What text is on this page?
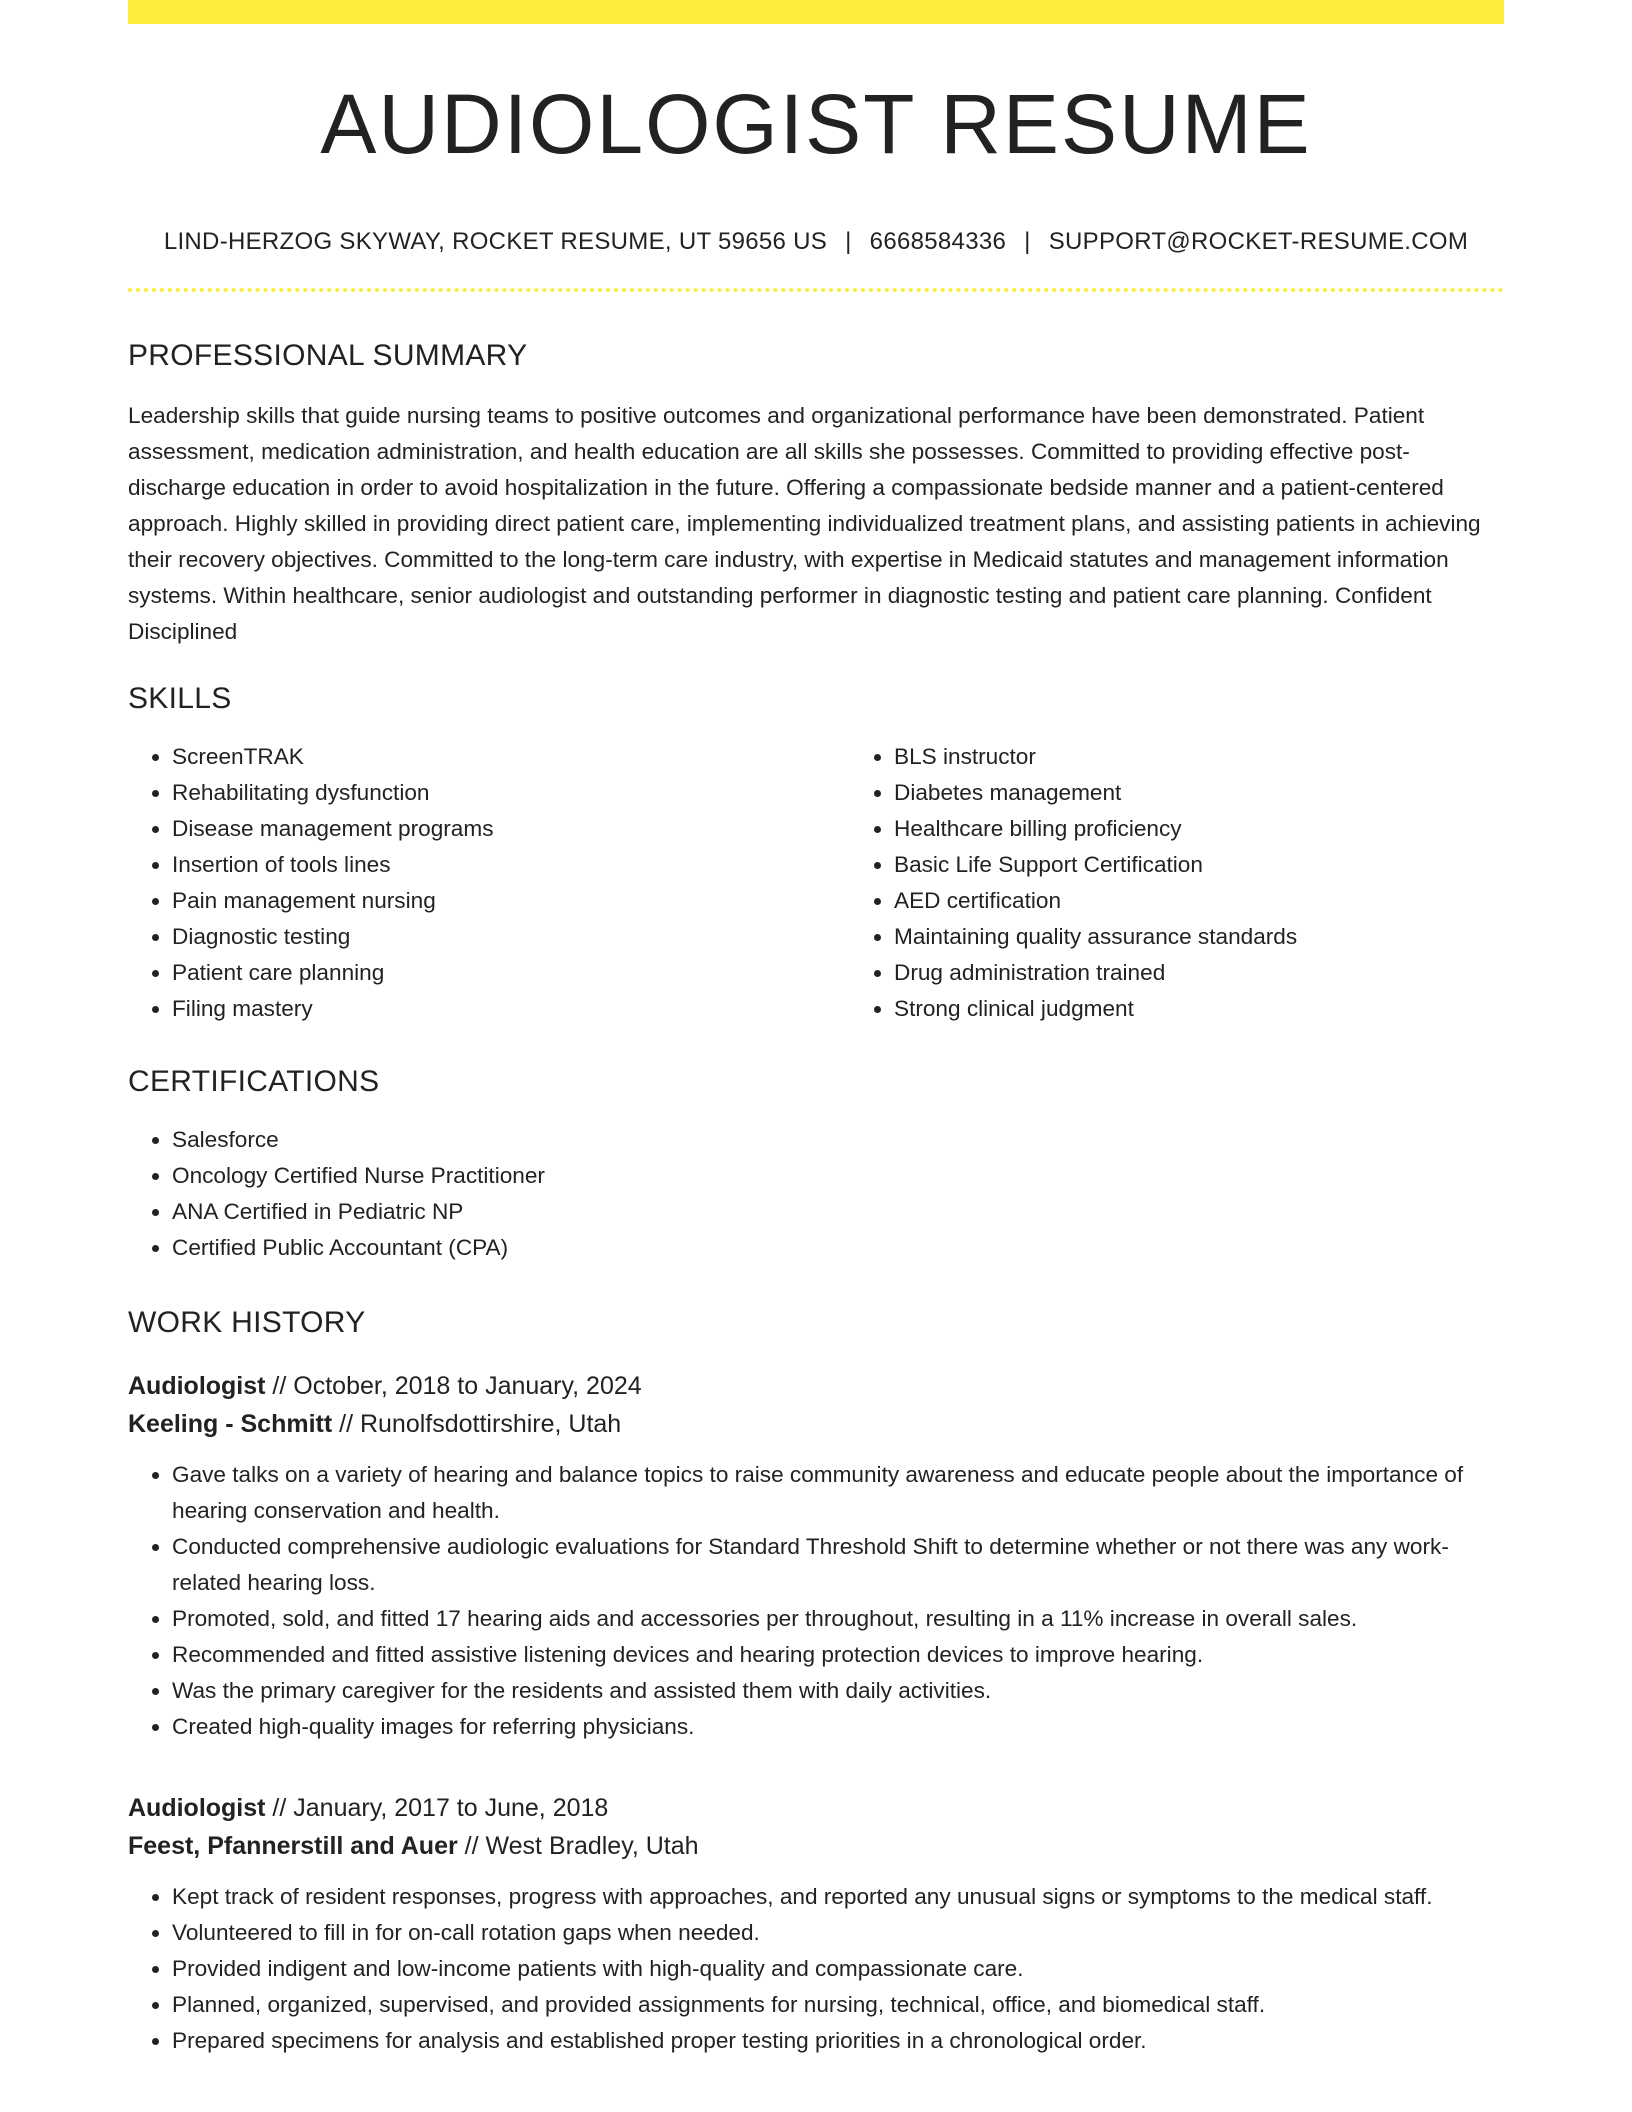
AUDIOLOGIST RESUME
LIND-HERZOG SKYWAY, ROCKET RESUME, UT 59656 US | 6668584336 | SUPPORT@ROCKET-RESUME.COM
PROFESSIONAL SUMMARY

Leadership skills that guide nursing teams to positive outcomes and organizational performance have been demonstrated. Patient assessment, medication administration, and health education are all skills she possesses. Committed to providing effective post-discharge education in order to avoid hospitalization in the future. Offering a compassionate bedside manner and a patient-centered approach. Highly skilled in providing direct patient care, implementing individualized treatment plans, and assisting patients in achieving their recovery objectives. Committed to the long-term care industry, with expertise in Medicaid statutes and management information systems. Within healthcare, senior audiologist and outstanding performer in diagnostic testing and patient care planning. Confident Disciplined

SKILLS
• ScreenTRAK
• Rehabilitating dysfunction
• Disease management programs
• Insertion of tools lines
• Pain management nursing
• Diagnostic testing
• Patient care planning
• Filing mastery
• BLS instructor
• Diabetes management
• Healthcare billing proficiency
• Basic Life Support Certification
• AED certification
• Maintaining quality assurance standards
• Drug administration trained
• Strong clinical judgment
CERTIFICATIONS
• Salesforce
• Oncology Certified Nurse Practitioner
• ANA Certified in Pediatric NP
• Certified Public Accountant (CPA)
WORK HISTORY
Audiologist // October, 2018 to January, 2024
Keeling - Schmitt // Runolfsdottirshire, Utah
• Gave talks on a variety of hearing and balance topics to raise community awareness and educate people about the importance of hearing conservation and health.
• Conducted comprehensive audiologic evaluations for Standard Threshold Shift to determine whether or not there was any work-related hearing loss.
• Promoted, sold, and fitted 17 hearing aids and accessories per throughout, resulting in a 11% increase in overall sales.
• Recommended and fitted assistive listening devices and hearing protection devices to improve hearing.
• Was the primary caregiver for the residents and assisted them with daily activities.
• Created high-quality images for referring physicians.
Audiologist // January, 2017 to June, 2018
Feest, Pfannerstill and Auer // West Bradley, Utah
• Kept track of resident responses, progress with approaches, and reported any unusual signs or symptoms to the medical staff.
• Volunteered to fill in for on-call rotation gaps when needed.
• Provided indigent and low-income patients with high-quality and compassionate care.
• Planned, organized, supervised, and provided assignments for nursing, technical, office, and biomedical staff.
• Prepared specimens for analysis and established proper testing priorities in a chronological order.
